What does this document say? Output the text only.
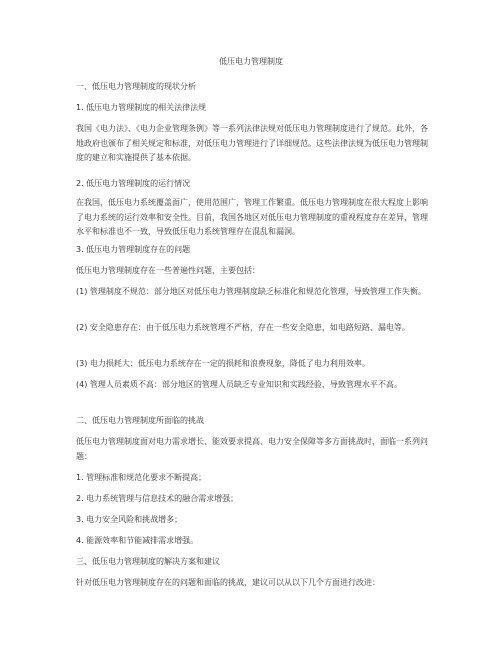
低压电力管理制度
一、低压电力管理制度的现状分析
1. 低压电力管理制度的相关法律法规
我国《电力法》、《电力企业管理条例》等一系列法律法规对低压电力管理制度进行了规范。此外，各地政府也颁布了相关规定和标准，对低压电力管理进行了详细规范。这些法律法规为低压电力管理制度的建立和实施提供了基本依据。
2. 低压电力管理制度的运行情况
在我国，低压电力系统覆盖面广，使用范围广，管理工作繁重。低压电力管理制度在很大程度上影响了电力系统的运行效率和安全性。目前，我国各地区对低压电力管理制度的重视程度存在差异，管理水平和标准也不一致，导致低压电力系统管理存在混乱和漏洞。
3. 低压电力管理制度存在的问题
低压电力管理制度存在一些普遍性问题，主要包括：
(1) 管理制度不规范：部分地区对低压电力管理制度缺乏标准化和规范化管理，导致管理工作失衡。
(2) 安全隐患存在：由于低压电力系统管理不严格，存在一些安全隐患，如电路短路、漏电等。
(3) 电力损耗大：低压电力系统存在一定的损耗和浪费现象，降低了电力利用效率。
(4) 管理人员素质不高：部分地区的管理人员缺乏专业知识和实践经验，导致管理水平不高。
二、低压电力管理制度所面临的挑战
低压电力管理制度面对电力需求增长、能效要求提高、电力安全保障等多方面挑战时，面临一系列问题：
1. 管理标准和规范化要求不断提高；
2. 电力系统管理与信息技术的融合需求增强；
3. 电力安全风险和挑战增多；
4. 能源效率和节能减排需求增强。
三、低压电力管理制度的解决方案和建议
针对低压电力管理制度存在的问题和面临的挑战，建议可以从以下几个方面进行改进：
